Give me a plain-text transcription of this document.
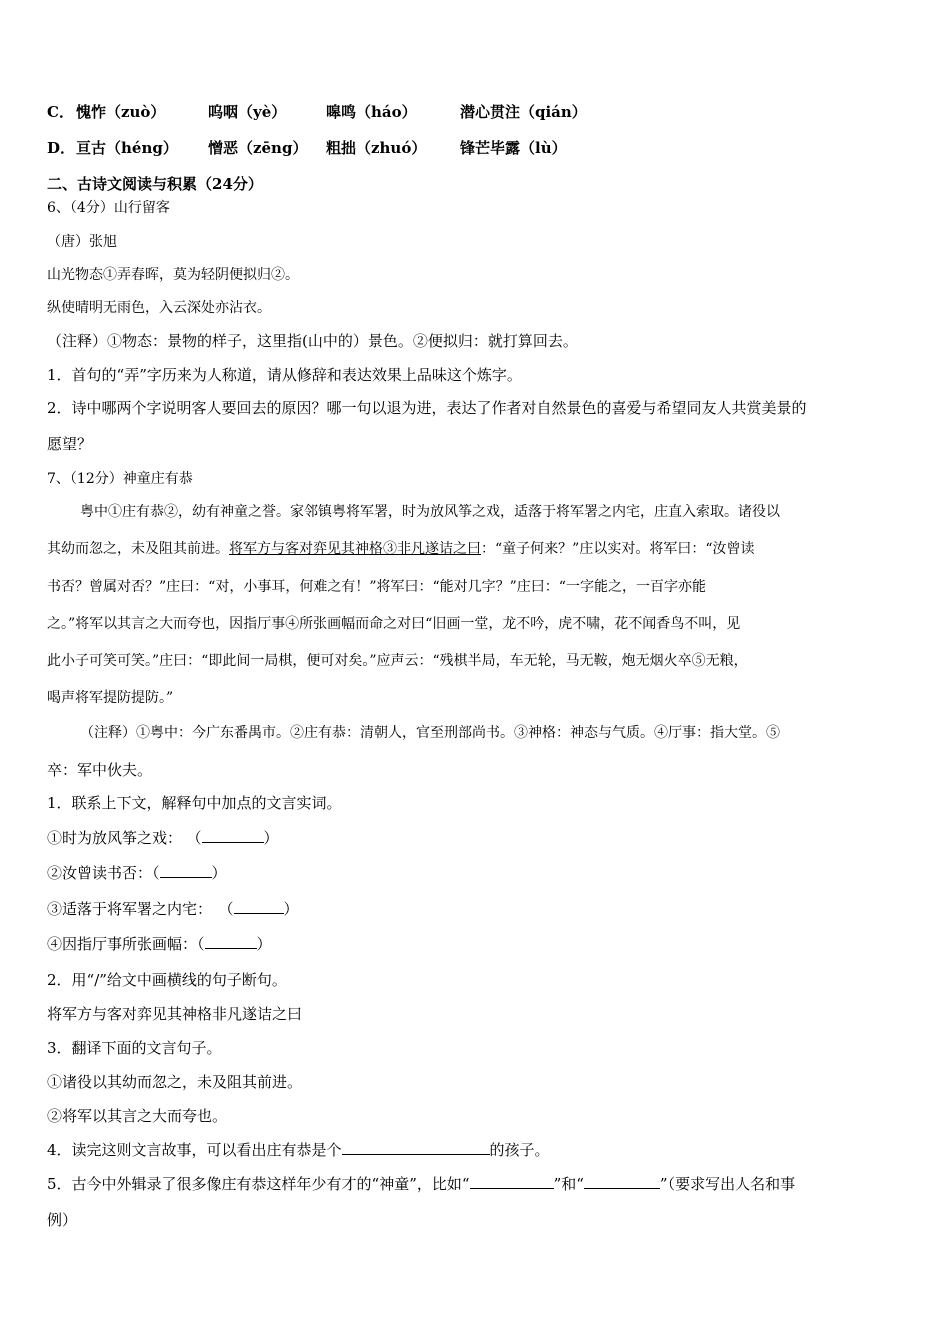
C． 愧怍（zuò）	呜咽（yè）	嗥鸣（háo）	潜心贯注（qián）
D． 亘古（héng） 憎恶（zēng） 粗拙（zhuó） 锋芒毕露（lù）
二、古诗文阅读与积累（24分）
6、（4分）山行留客
（唐）张旭
山光物态①弄春晖，莫为轻阴便拟归②。
纵使晴明无雨色，入云深处亦沾衣。
（注释）①物态：景物的样子，这里指(山中的）景色。②便拟归：就打算回去。
1．首句的“弄”字历来为人称道，请从修辞和表达效果上品味这个炼字。
2．诗中哪两个字说明客人要回去的原因？哪一句以退为进，表达了作者对自然景色的喜爱与希望同友人共赏美景的
愿望？
7、（12分）神童庄有恭
粤中①庄有恭②，幼有神童之誉。家邻镇粤将军署，时为放风筝之戏，适落于将军署之内宅，庄直入索取。诸役以
其幼而忽之，未及阻其前进。将军方与客对弈见其神格③非凡遂诘之曰：“童子何来？”庄以实对。将军曰：“汝曾读
书否？曾属对否？”庄曰：“对，小事耳，何难之有！”将军曰：“能对几字？”庄曰：“一字能之，一百字亦能
之。”将军以其言之大而夸也，因指厅事④所张画幅而命之对曰“旧画一堂，龙不吟，虎不啸，花不闻香鸟不叫，见
此小子可笑可笑。”庄曰：“即此间一局棋，便可对矣。”应声云：“残棋半局，车无轮，马无鞍，炮无烟火卒⑤无粮，
喝声将军提防提防。”
（注释）①粤中：今广东番禺市。②庄有恭：清朝人，官至刑部尚书。③神格：神态与气质。④厅事：指大堂。⑤
卒：军中伙夫。
1．联系上下文，解释句中加点的文言实词。
①时为放风筝之戏： （	）
②汝曾读书否：（	）
③适落于将军署之内宅： （	）
④因指厅事所张画幅：（	）
2．用“/”给文中画横线的句子断句。
将军方与客对弈见其神格非凡遂诘之曰
3．翻译下面的文言句子。
①诸役以其幼而忽之，未及阻其前进。
②将军以其言之大而夸也。
4．读完这则文言故事，可以看出庄有恭是个	的孩子。
5．古今中外辑录了很多像庄有恭这样年少有才的“神童”，比如“	”和“	”（要求写出人名和事
例）
